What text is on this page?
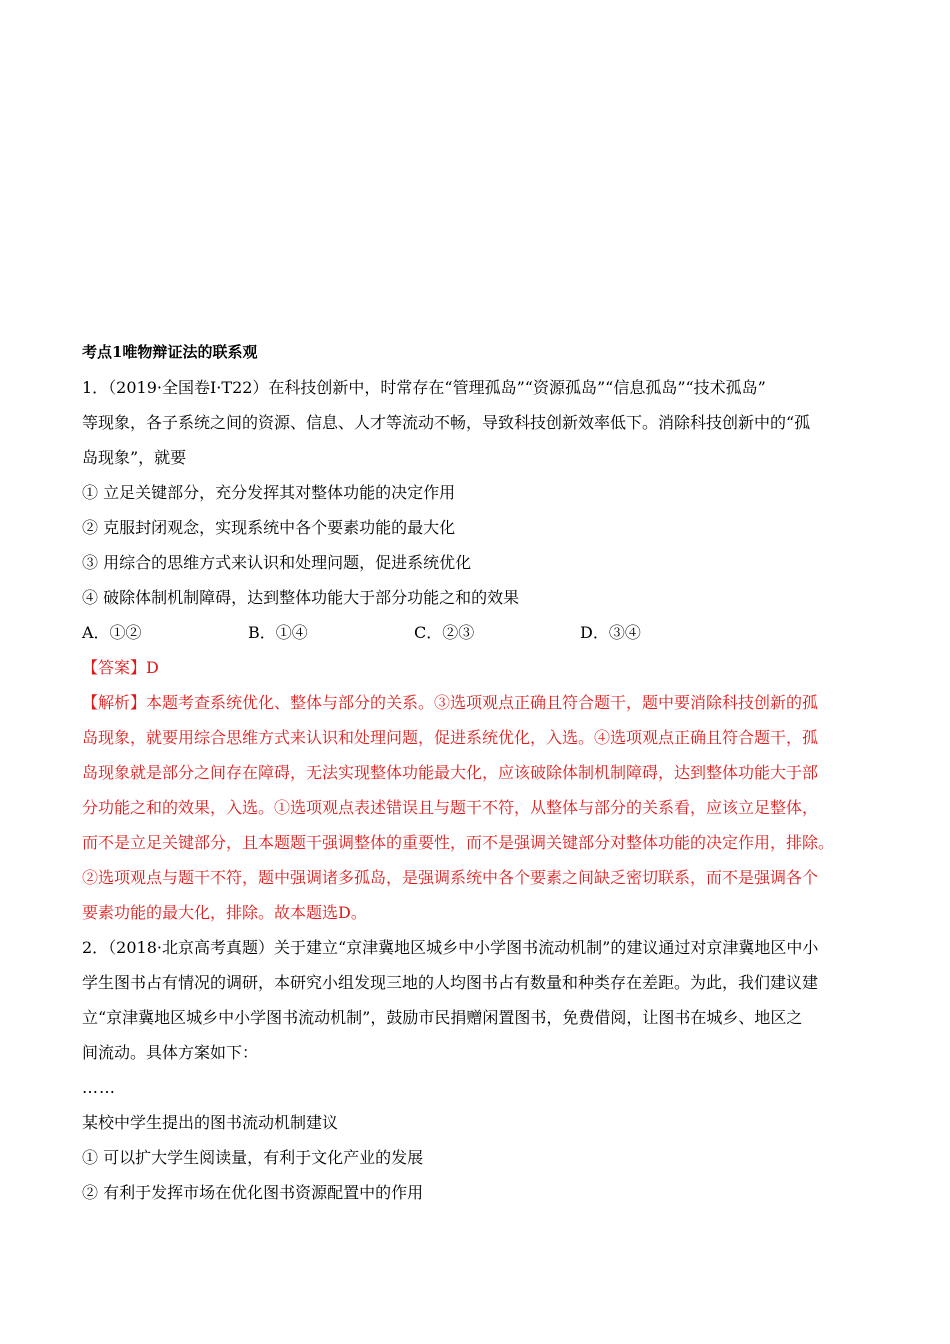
考点1唯物辩证法的联系观
1．（2019·全国卷Ⅰ·T22）在科技创新中，时常存在“管理孤岛”“资源孤岛”“信息孤岛”“技术孤岛”
等现象，各子系统之间的资源、信息、人才等流动不畅，导致科技创新效率低下。消除科技创新中的“孤
岛现象”，就要
① 立足关键部分，充分发挥其对整体功能的决定作用
② 克服封闭观念，实现系统中各个要素功能的最大化
③ 用综合的思维方式来认识和处理问题，促进系统优化
④ 破除体制机制障碍，达到整体功能大于部分功能之和的效果
A．①②	B．①④	C．②③	D．③④
【答案】D
【解析】本题考查系统优化、整体与部分的关系。③选项观点正确且符合题干，题中要消除科技创新的孤
岛现象，就要用综合思维方式来认识和处理问题，促进系统优化，入选。④选项观点正确且符合题干，孤
岛现象就是部分之间存在障碍，无法实现整体功能最大化，应该破除体制机制障碍，达到整体功能大于部
分功能之和的效果，入选。①选项观点表述错误且与题干不符，从整体与部分的关系看，应该立足整体，
而不是立足关键部分，且本题题干强调整体的重要性，而不是强调关键部分对整体功能的决定作用，排除。
②选项观点与题干不符，题中强调诸多孤岛，是强调系统中各个要素之间缺乏密切联系，而不是强调各个
要素功能的最大化，排除。故本题选D。
2．（2018·北京高考真题）关于建立“京津冀地区城乡中小学图书流动机制”的建议通过对京津冀地区中小
学生图书占有情况的调研，本研究小组发现三地的人均图书占有数量和种类存在差距。为此，我们建议建
立“京津冀地区城乡中小学图书流动机制”，鼓励市民捐赠闲置图书，免费借阅，让图书在城乡、地区之
间流动。具体方案如下：
……
某校中学生提出的图书流动机制建议
① 可以扩大学生阅读量，有利于文化产业的发展
② 有利于发挥市场在优化图书资源配置中的作用
